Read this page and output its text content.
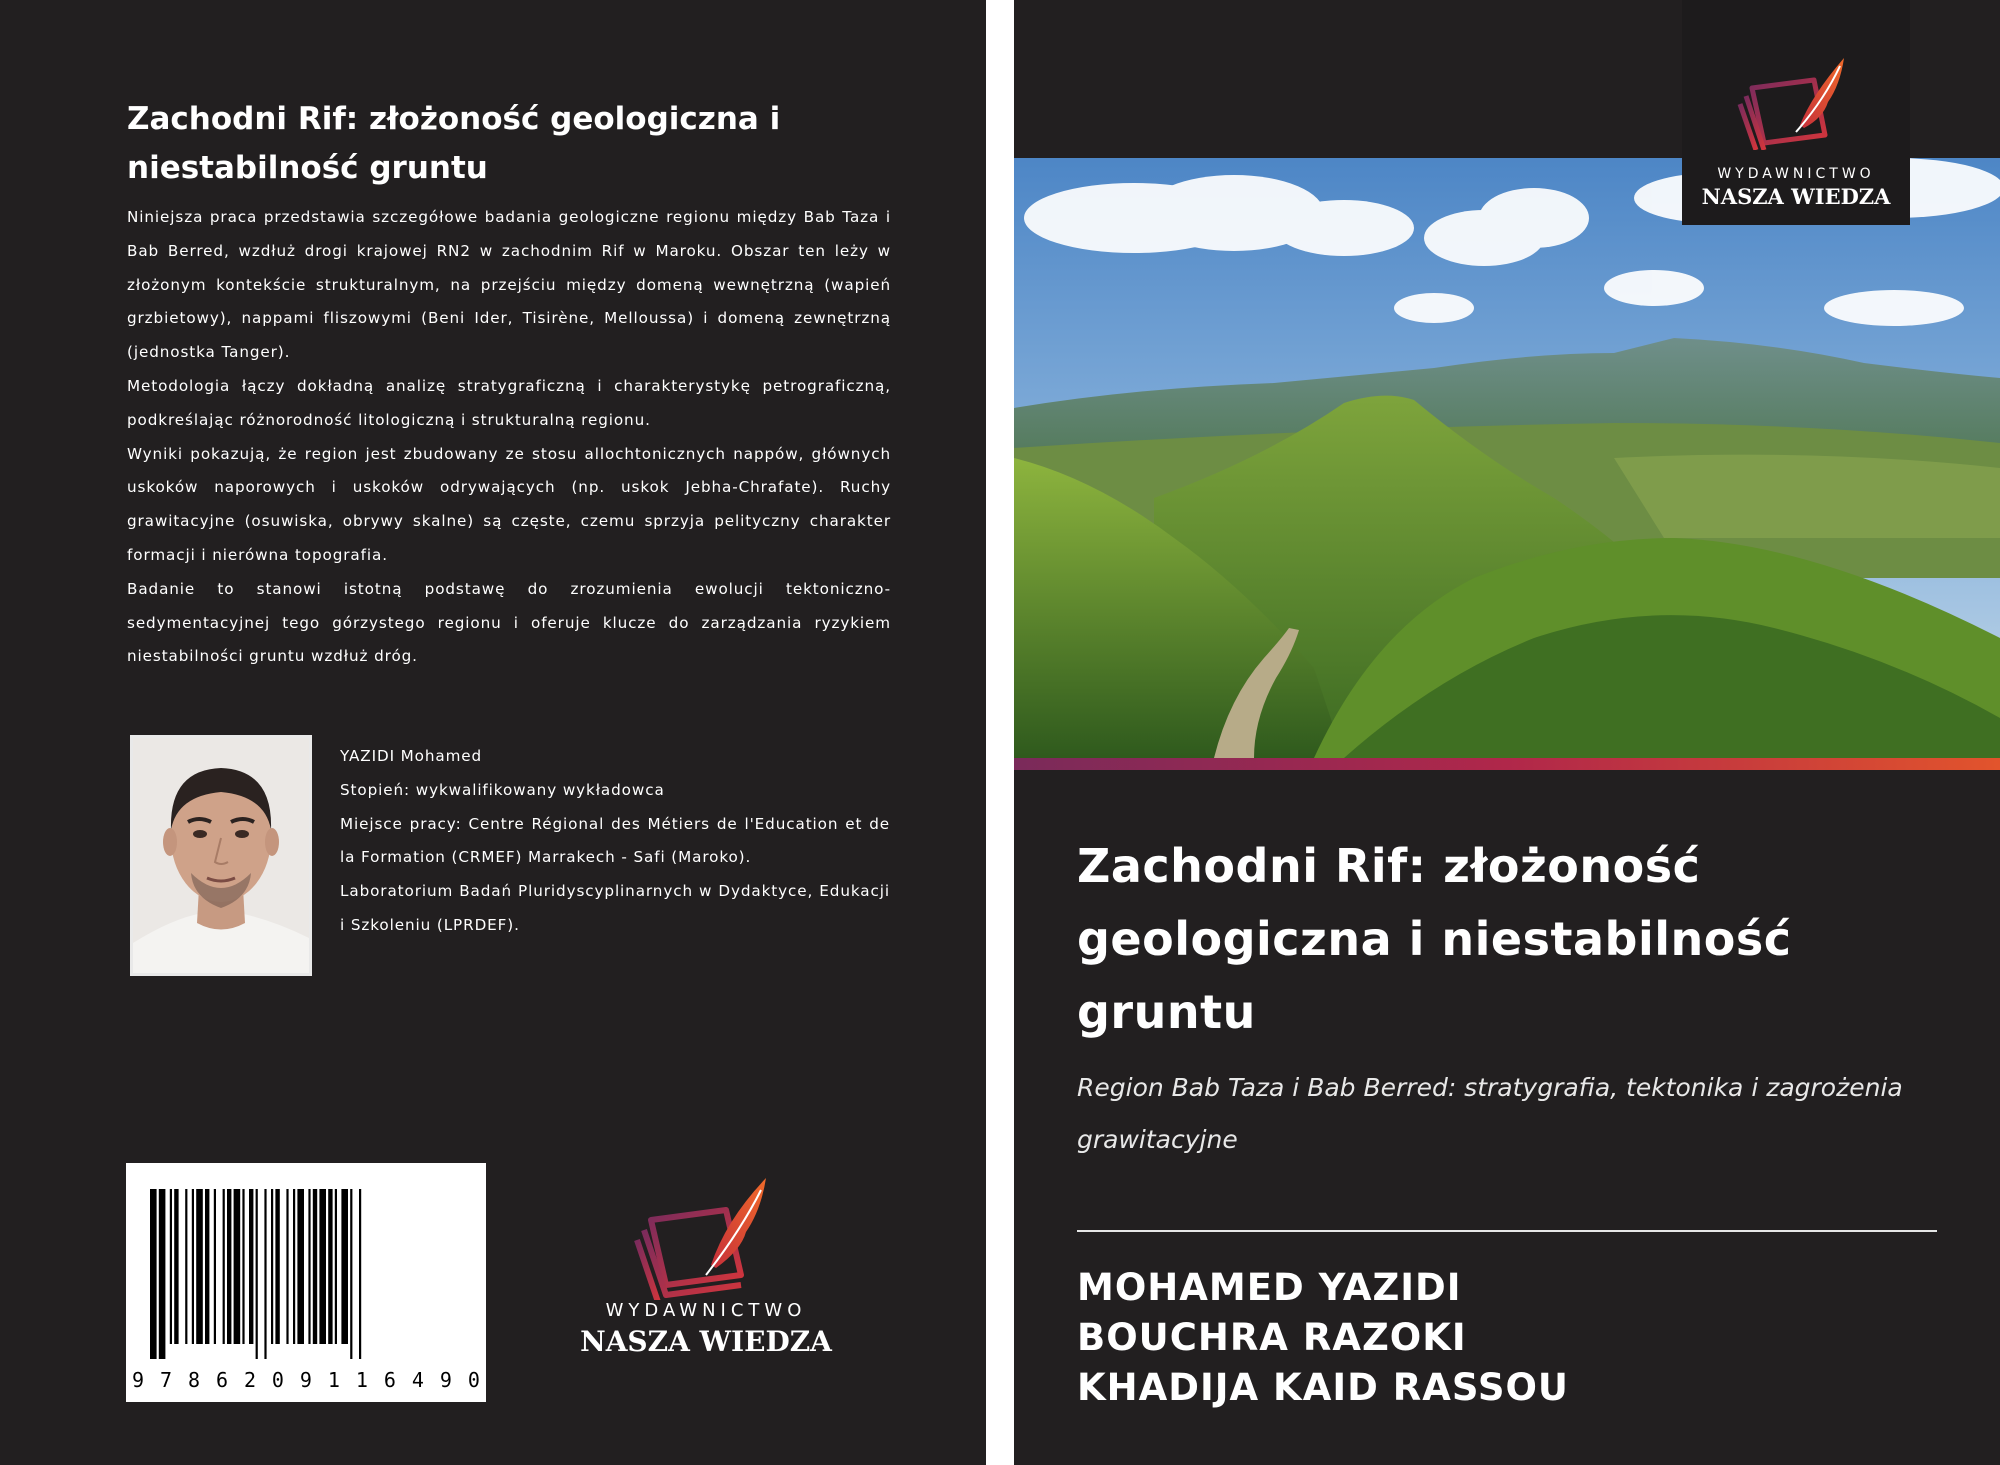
Zachodni Rif: złożoność geologiczna i niestabilność gruntu

Niniejsza praca przedstawia szczegółowe badania geologiczne regionu między Bab Taza i Bab Berred, wzdłuż drogi krajowej RN2 w zachodnim Rif w Maroku. Obszar ten leży w złożonym kontekście strukturalnym, na przejściu między domeną wewnętrzną (wapień grzbietowy), nappami fliszowymi (Beni Ider, Tisirène, Melloussa) i domeną zewnętrzną (jednostka Tanger).

Metodologia łączy dokładną analizę stratygraficzną i charakterystykę petrograficzną, podkreślając różnorodność litologiczną i strukturalną regionu.

Wyniki pokazują, że region jest zbudowany ze stosu allochtonicznych nappów, głównych uskoków naporowych i uskoków odrywających (np. uskok Jebha-Chrafate). Ruchy grawitacyjne (osuwiska, obrywy skalne) są częste, czemu sprzyja pelityczny charakter formacji i nierówna topografia.

Badanie to stanowi istotną podstawę do zrozumienia ewolucji tektoniczno-sedymentacyjnej tego górzystego regionu i oferuje klucze do zarządzania ryzykiem niestabilności gruntu wzdłuż dróg.

YAZIDI Mohamed
Stopień: wykwalifikowany wykładowca
Miejsce pracy: Centre Régional des Métiers de l'Education et de la Formation (CRMEF) Marrakech - Safi (Maroko).
Laboratorium Badań Pluridyscyplinarnych w Dydaktyce, Edukacji i Szkoleniu (LPRDEF).
9 7 8 6 2 0 9 1 1 6 4 9 0
WYDAWNICTWO
NASZA WIEDZA
WYDAWNICTWO
NASZA WIEDZA
Zachodni Rif: złożoność geologiczna i niestabilność gruntu
Region Bab Taza i Bab Berred: stratygrafia, tektonika i zagrożenia grawitacyjne
MOHAMED YAZIDI
BOUCHRA RAZOKI
KHADIJA KAID RASSOU
